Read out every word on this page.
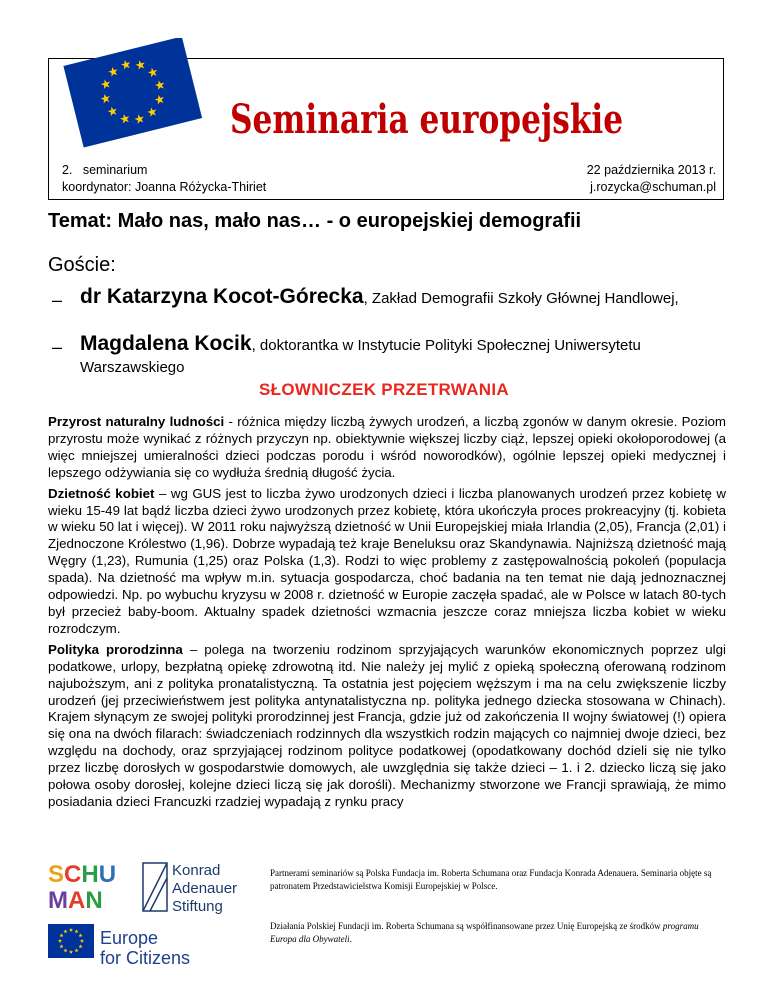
Seminaria europejskie
2.   seminarium
koordynator: Joanna Różycka-Thiriet
22 października 2013 r.
j.rozycka@schuman.pl
Temat: Mało nas, mało nas… - o europejskiej demografii
Goście:
– dr Katarzyna Kocot-Górecka, Zakład Demografii Szkoły Głównej Handlowej,
– Magdalena Kocik, doktorantka w Instytucie Polityki Społecznej Uniwersytetu Warszawskiego
SŁOWNICZEK PRZETRWANIA

Przyrost naturalny ludności - różnica między liczbą żywych urodzeń, a liczbą zgonów w danym okresie. Poziom przyrostu może wynikać z różnych przyczyn np. obiektywnie większej liczby ciąż, lepszej opieki okołoporodowej (a więc mniejszej umieralności dzieci podczas porodu i wśród noworodków), ogólnie lepszej opieki medycznej i lepszego odżywiania się co wydłuża średnią długość życia.

Dzietność kobiet – wg GUS jest to liczba żywo urodzonych dzieci i liczba planowanych urodzeń przez kobietę w wieku 15-49 lat bądź liczba dzieci żywo urodzonych przez kobietę, która ukończyła proces prokreacyjny (tj. kobieta w wieku 50 lat i więcej). W 2011 roku najwyższą dzietność w Unii Europejskiej miała Irlandia (2,05), Francja (2,01) i Zjednoczone Królestwo (1,96). Dobrze wypadają też kraje Beneluksu oraz Skandynawia. Najniższą dzietność mają Węgry (1,23), Rumunia (1,25) oraz Polska (1,3). Rodzi to więc problemy z zastępowalnością pokoleń (populacja spada). Na dzietność ma wpływ m.in. sytuacja gospodarcza, choć badania na ten temat nie dają jednoznacznej odpowiedzi. Np. po wybuchu kryzysu w 2008 r. dzietność w Europie zaczęła spadać, ale w Polsce w latach 80-tych był przecież baby-boom. Aktualny spadek dzietności wzmacnia jeszcze coraz mniejsza liczba kobiet w wieku rozrodczym.

Polityka prorodzinna – polega na tworzeniu rodzinom sprzyjających warunków ekonomicznych poprzez ulgi podatkowe, urlopy, bezpłatną opiekę zdrowotną itd. Nie należy jej mylić z opieką społeczną oferowaną rodzinom najuboższym, ani z polityka pronatalistyczną. Ta ostatnia jest pojęciem węższym i ma na celu zwiększenie liczby urodzeń (jej przeciwieństwem jest polityka antynatalistyczna np. polityka jednego dziecka stosowana w Chinach). Krajem słynącym ze swojej polityki prorodzinnej jest Francja, gdzie już od zakończenia II wojny światowej (!) opiera się ona na dwóch filarach: świadczeniach rodzinnych dla wszystkich rodzin mających co najmniej dwoje dzieci, bez względu na dochody, oraz sprzyjającej rodzinom polityce podatkowej (opodatkowany dochód dzieli się nie tylko przez liczbę dorosłych w gospodarstwie domowych, ale uwzględnia się także dzieci – 1. i 2. dziecko liczą się jako połowa osoby dorosłej, kolejne dzieci liczą się jak dorośli). Mechanizmy stworzone we Francji sprawiają, że mimo posiadania dzieci Francuzki rzadziej wypadają z rynku pracy

SCHU
MAN
Konrad
Adenauer
Stiftung
Europe
for Citizens
Partnerami seminariów są Polska Fundacja im. Roberta Schumana oraz Fundacja Konrada Adenauera. Seminaria objęte są patronatem Przedstawicielstwa Komisji Europejskiej w Polsce.
Działania Polskiej Fundacji im. Roberta Schumana są współfinansowane przez Unię Europejską ze środków programu Europa dla Obywateli.
